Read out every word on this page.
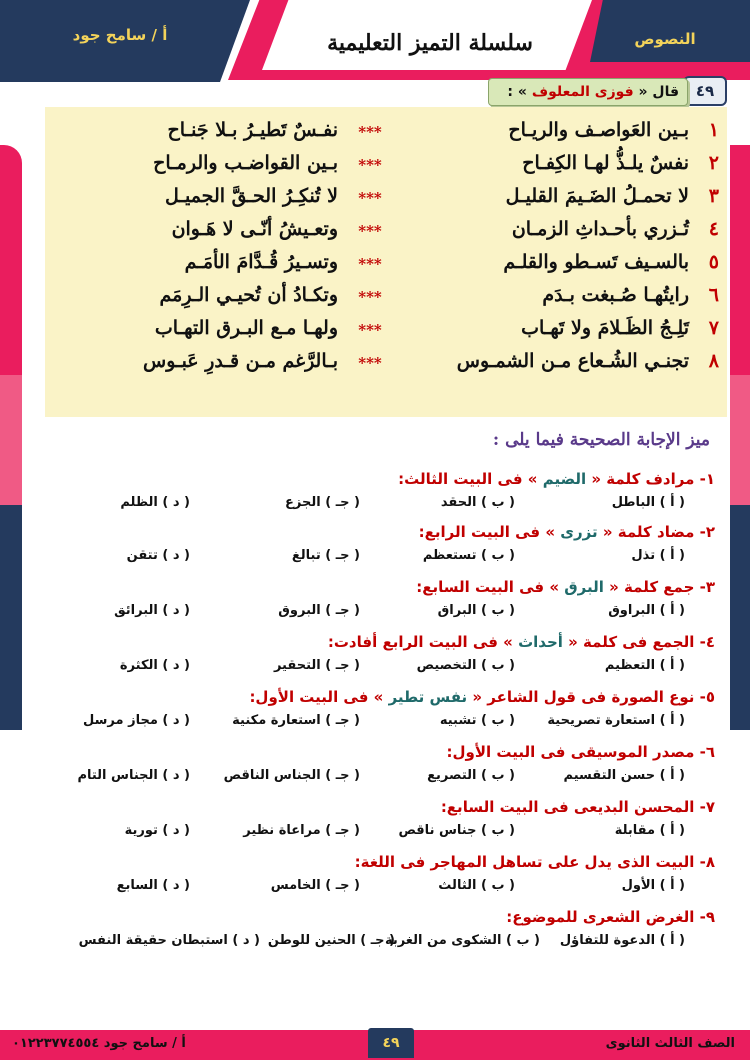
أ / سامح جود	سلسلة التميز التعليمية	النصوص
٤٩
قال « فوزى المعلوف » :
١
بـين العَواصـف والريـاح
***
نفـسٌ تَطيـرُ بـلا جَنـاح
٢
نفسٌ يلـذُّ لهـا الكِفـاح
***
بـين القواضـب والرمـاح
٣
لا تحمـلُ الضَـيمَ القليـل
***
لا تُنكِـرُ الحـقَّ الجميـل
٤
تُـزري بأحـداثِ الزمـان
***
وتعـيشُ أنّـى لا هَـوان
٥
بالسـيف تَسـطو والقلـم
***
وتسـيرُ قُـدَّامَ الأمَـم
٦
رايتُهـا صُـبغت بـدَم
***
وتكـادُ أن تُحيـي الـرِمَم
٧
تَلِـجُ الظَـلامَ ولا تَهـاب
***
ولهـا مـع البـرق التهـاب
٨
تجنـي الشُـعاع مـن الشمـوس
***
بـالرَّغم مـن قـدرِ عَبـوس
ميز الإجابة الصحيحة فيما يلى :
١- مرادف كلمة « الضيم » فى البيت الثالث:
( أ ) الباطل
( ب ) الحقد
( جـ ) الجزع
( د ) الظلم
٢- مضاد كلمة « تزرى » فى البيت الرابع:
( أ ) تذل
( ب ) تستعظم
( جـ ) تبالغ
( د ) تتقن
٣- جمع كلمة « البرق » فى البيت السابع:
( أ ) البراوق
( ب ) البراق
( جـ ) البروق
( د ) البرائق
٤- الجمع فى كلمة « أحداث » فى البيت الرابع أفادت:
( أ ) التعظيم
( ب ) التخصيص
( جـ ) التحقير
( د ) الكثرة
٥- نوع الصورة فى قول الشاعر « نفس تطير » فى البيت الأول:
( أ ) استعارة تصريحية
( ب ) تشبيه
( جـ ) استعارة مكنية
( د ) مجاز مرسل
٦- مصدر الموسيقى فى البيت الأول:
( أ ) حسن التقسيم
( ب ) التصريع
( جـ ) الجناس الناقص
( د ) الجناس التام
٧- المحسن البديعى فى البيت السابع:
( أ ) مقابلة
( ب ) جناس ناقص
( جـ ) مراعاة نظير
( د ) تورية
٨- البيت الذى يدل على تساهل المهاجر فى اللغة:
( أ ) الأول
( ب ) الثالث
( جـ ) الخامس
( د ) السابع
٩- الغرض الشعرى للموضوع:
( أ ) الدعوة للتفاؤل
( ب ) الشكوى من الغربة
( جـ ) الحنين للوطن
( د ) استبطان حقيقة النفس
٤٩	الصف الثالث الثانوى
أ / سامح جود ٠١٢٢٣٧٧٤٥٥٤
